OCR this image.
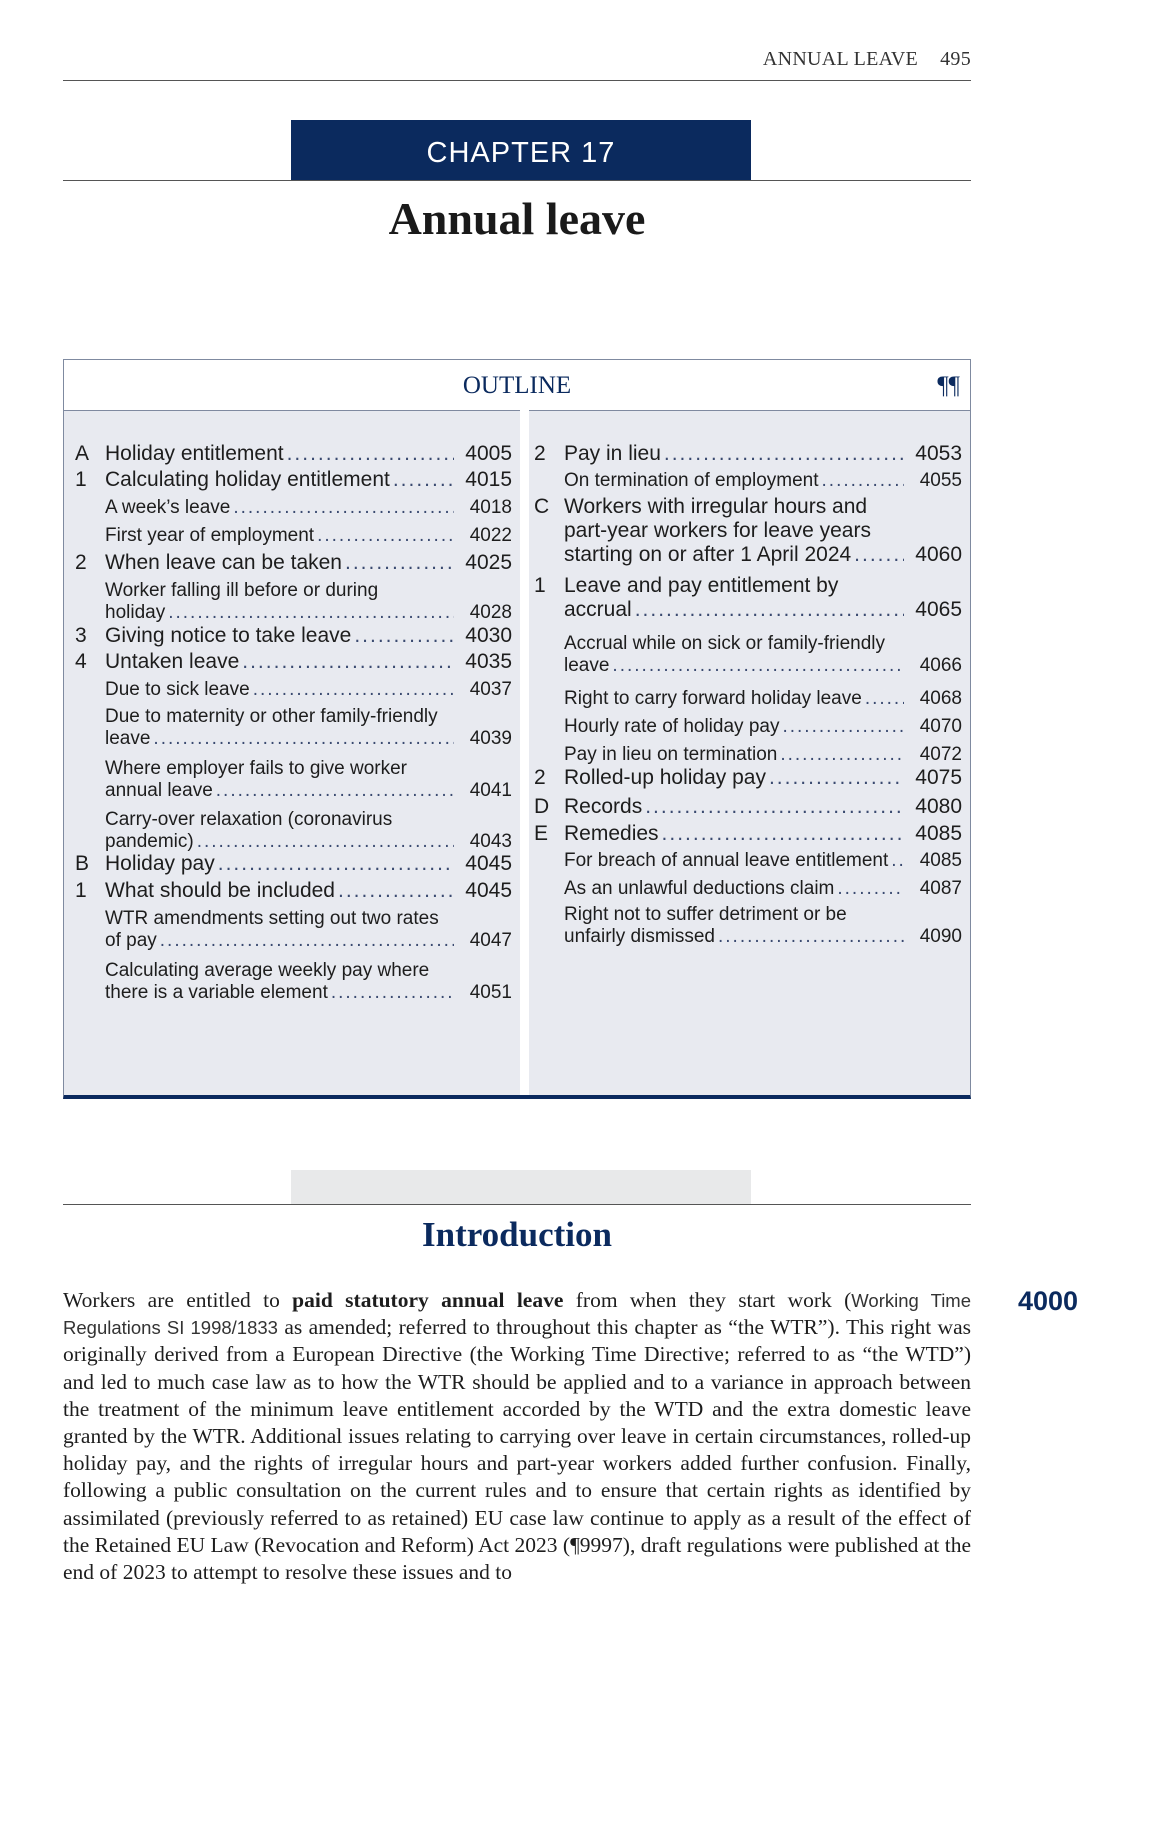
ANNUAL LEAVE 495
CHAPTER 17
Annual leave
OUTLINE	¶¶
A Holiday entitlement .....	4005
1 Calculating holiday entitlement .....	4015
A week’s leave .....	4018
First year of employment .....	4022
2 When leave can be taken .....	4025
Worker falling ill before or during
holiday .....	4028
3 Giving notice to take leave .....	4030
4 Untaken leave .....	4035
Due to sick leave .....	4037
Due to maternity or other family-friendly
leave .....	4039
Where employer fails to give worker
annual leave .....	4041
Carry-over relaxation (coronavirus
pandemic) .....	4043
B Holiday pay .....	4045
1 What should be included .....	4045
WTR amendments setting out two rates
of pay .....	4047
Calculating average weekly pay where
there is a variable element .....	4051
2 Pay in lieu .....	4053
On termination of employment .....	4055
C Workers with irregular hours and
part-year workers for leave years
starting on or after 1 April 2024 .....	4060
1 Leave and pay entitlement by
accrual .....	4065
Accrual while on sick or family-friendly
leave .....	4066
Right to carry forward holiday leave .....	4068
Hourly rate of holiday pay .....	4070
Pay in lieu on termination .....	4072
2 Rolled-up holiday pay .....	4075
D Records .....	4080
E Remedies .....	4085
For breach of annual leave entitlement .....	4085
As an unlawful deductions claim .....	4087
Right not to suffer detriment or be
unfairly dismissed .....	4090
Introduction
4000
Workers are entitled to paid statutory annual leave from when they start work (Working Time Regulations SI 1998/1833 as amended; referred to throughout this chapter as “the WTR”). This right was originally derived from a European Directive (the Working Time Directive; referred to as “the WTD”) and led to much case law as to how the WTR should be applied and to a variance in approach between the treatment of the minimum leave entitlement accorded by the WTD and the extra domestic leave granted by the WTR. Additional issues relating to carrying over leave in certain circumstances, rolled-up holiday pay, and the rights of irregular hours and part-year workers added further confusion. Finally, following a public consultation on the current rules and to ensure that certain rights as identified by assimilated (previously referred to as retained) EU case law continue to apply as a result of the effect of the Retained EU Law (Revocation and Reform) Act 2023 (¶9997), draft regulations were published at the end of 2023 to attempt to resolve these issues and to
